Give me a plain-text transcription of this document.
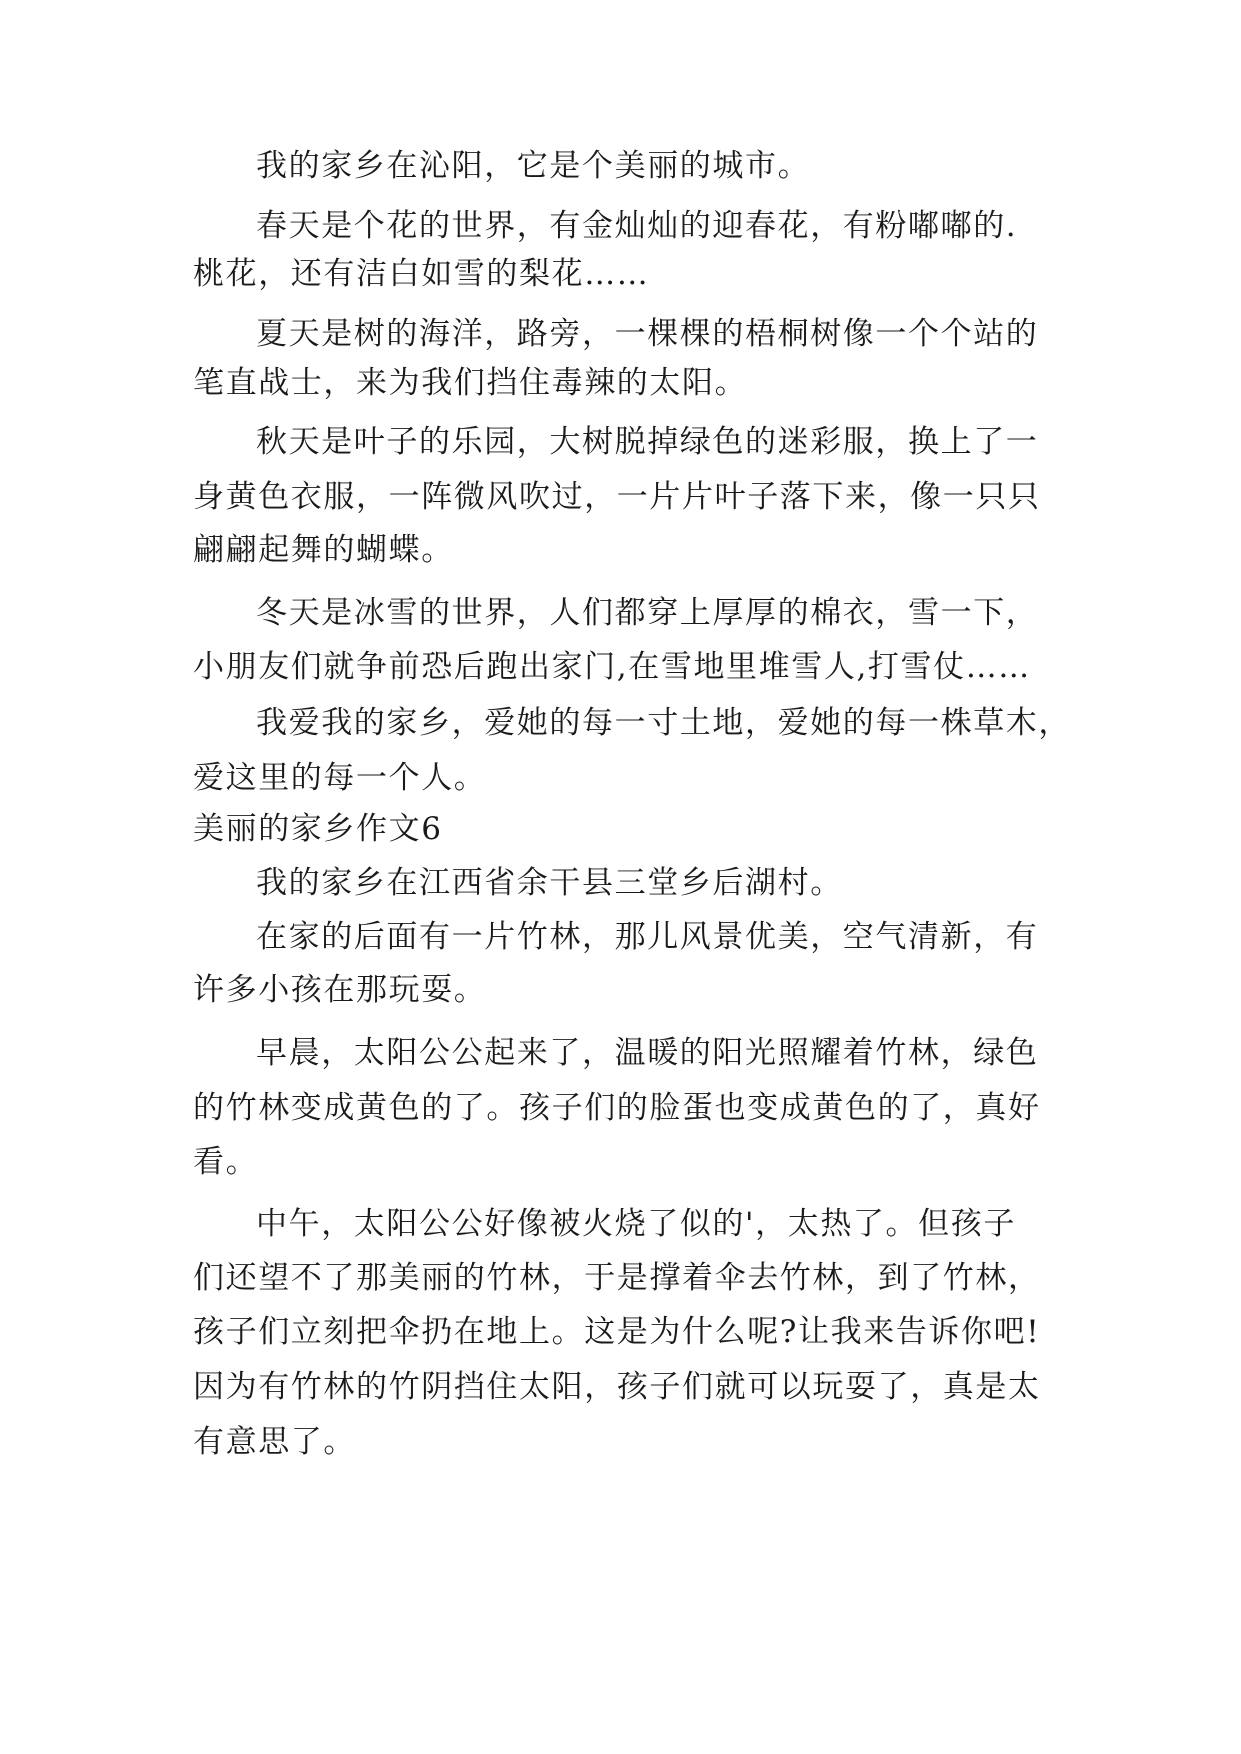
我的家乡在沁阳，它是个美丽的城市。
春天是个花的世界，有金灿灿的迎春花，有粉嘟嘟的.
桃花，还有洁白如雪的梨花……
夏天是树的海洋，路旁，一棵棵的梧桐树像一个个站的
笔直战士，来为我们挡住毒辣的太阳。
秋天是叶子的乐园，大树脱掉绿色的迷彩服，换上了一
身黄色衣服，一阵微风吹过，一片片叶子落下来，像一只只
翩翩起舞的蝴蝶。
冬天是冰雪的世界，人们都穿上厚厚的棉衣，雪一下，
小朋友们就争前恐后跑出家门,在雪地里堆雪人,打雪仗……
我爱我的家乡，爱她的每一寸土地，爱她的每一株草木，
爱这里的每一个人。
美丽的家乡作文6
我的家乡在江西省余干县三堂乡后湖村。
在家的后面有一片竹林，那儿风景优美，空气清新，有
许多小孩在那玩耍。
早晨，太阳公公起来了，温暖的阳光照耀着竹林，绿色
的竹林变成黄色的了。孩子们的脸蛋也变成黄色的了，真好
看。
中午，太阳公公好像被火烧了似的'，太热了。但孩子
们还望不了那美丽的竹林，于是撑着伞去竹林，到了竹林，
孩子们立刻把伞扔在地上。这是为什么呢?让我来告诉你吧!
因为有竹林的竹阴挡住太阳，孩子们就可以玩耍了，真是太
有意思了。
